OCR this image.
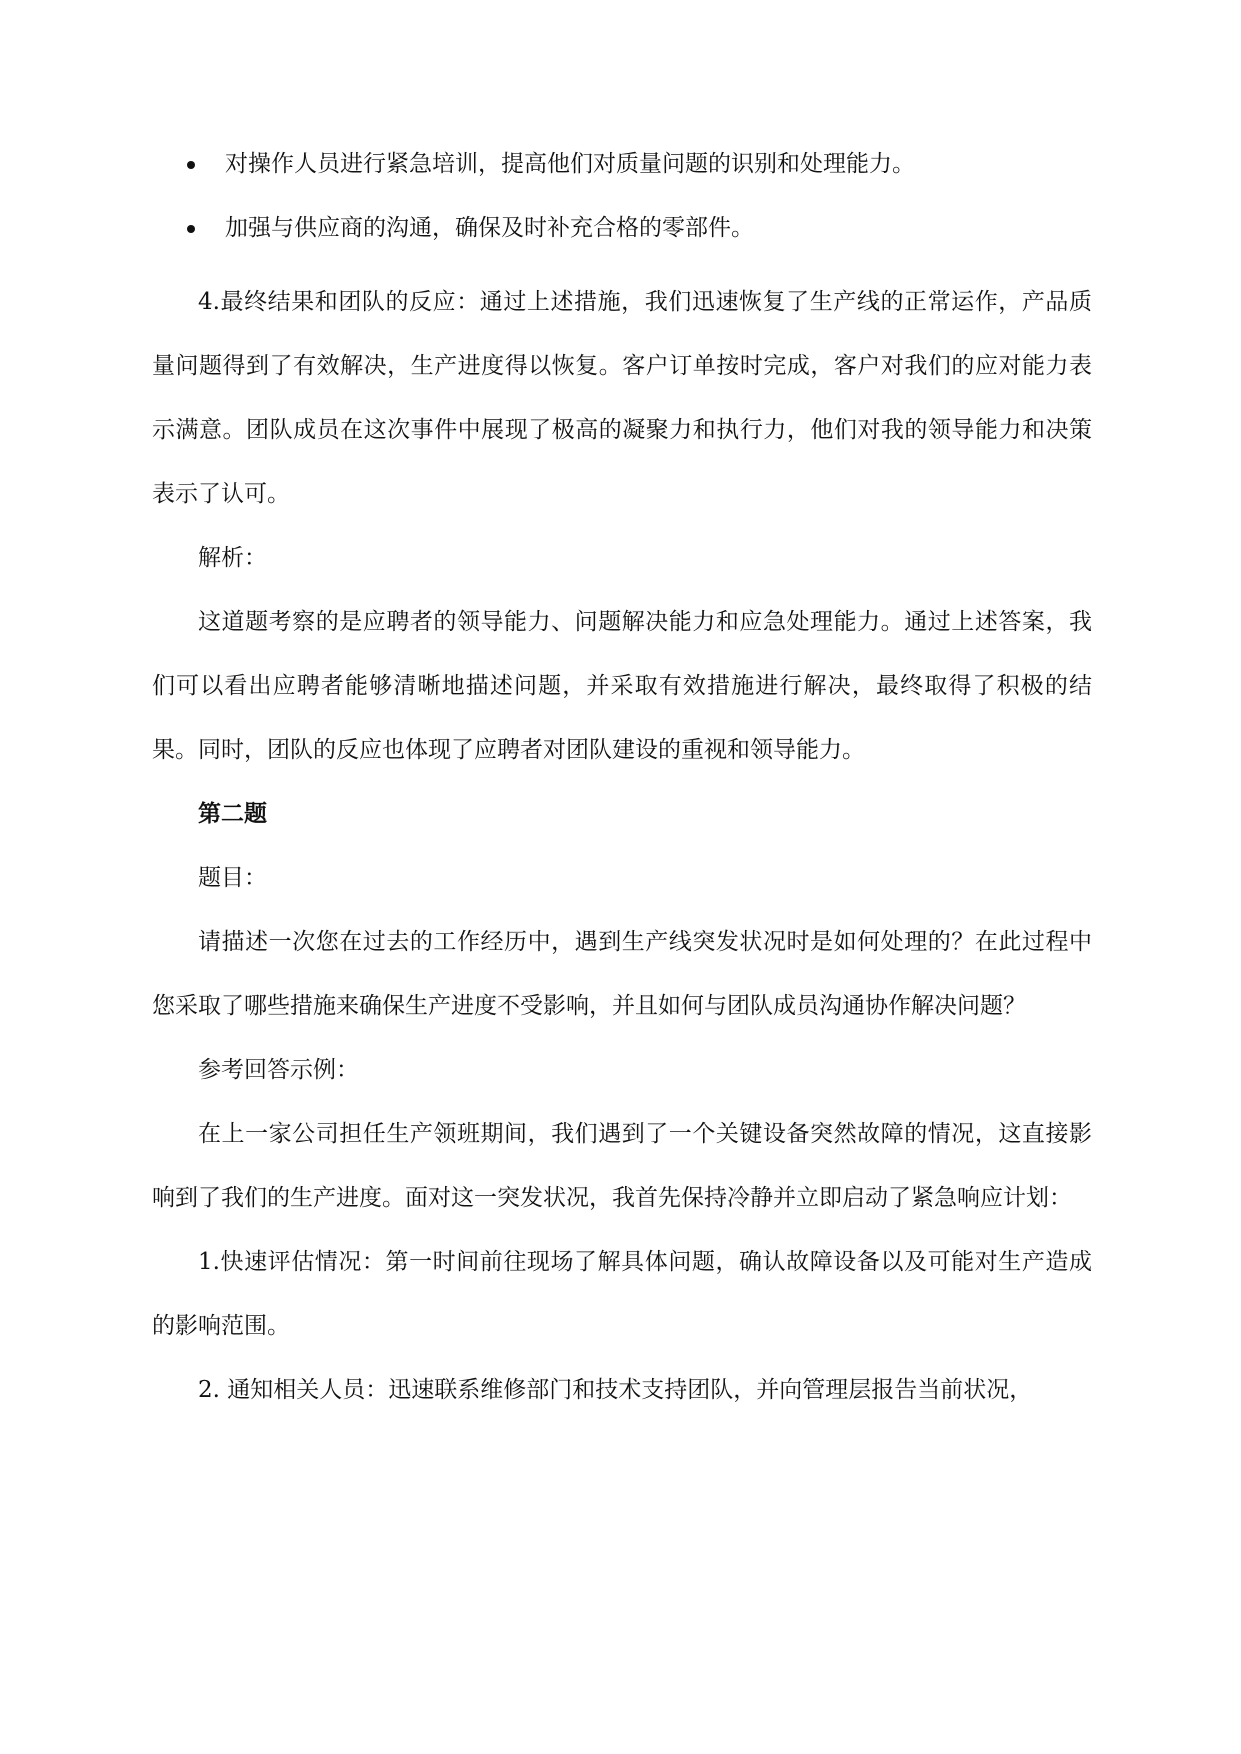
对操作人员进行紧急培训，提高他们对质量问题的识别和处理能力。
加强与供应商的沟通，确保及时补充合格的零部件。

4.最终结果和团队的反应：通过上述措施，我们迅速恢复了生产线的正常运作，产品质量问题得到了有效解决，生产进度得以恢复。客户订单按时完成，客户对我们的应对能力表示满意。团队成员在这次事件中展现了极高的凝聚力和执行力，他们对我的领导能力和决策表示了认可。

解析：

这道题考察的是应聘者的领导能力、问题解决能力和应急处理能力。通过上述答案，我们可以看出应聘者能够清晰地描述问题，并采取有效措施进行解决，最终取得了积极的结果。同时，团队的反应也体现了应聘者对团队建设的重视和领导能力。

第二题

题目：

请描述一次您在过去的工作经历中，遇到生产线突发状况时是如何处理的？在此过程中您采取了哪些措施来确保生产进度不受影响，并且如何与团队成员沟通协作解决问题？

参考回答示例：

在上一家公司担任生产领班期间，我们遇到了一个关键设备突然故障的情况，这直接影响到了我们的生产进度。面对这一突发状况，我首先保持冷静并立即启动了紧急响应计划：

1.快速评估情况：第一时间前往现场了解具体问题，确认故障设备以及可能对生产造成的影响范围。

2. 通知相关人员：迅速联系维修部门和技术支持团队，并向管理层报告当前状况，
